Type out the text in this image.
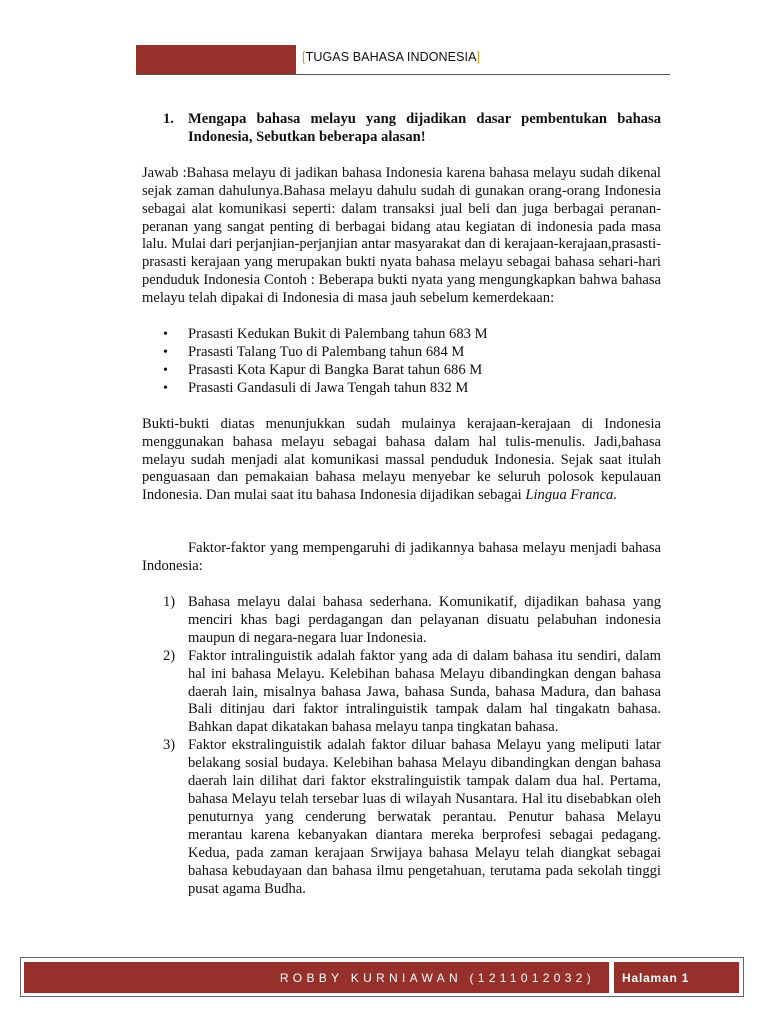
[TUGAS BAHASA INDONESIA]
1. Mengapa bahasa melayu yang dijadikan dasar pembentukan bahasa Indonesia, Sebutkan beberapa alasan!

Jawab :Bahasa melayu di jadikan bahasa Indonesia karena bahasa melayu sudah dikenal sejak zaman dahulunya.Bahasa melayu dahulu sudah di gunakan orang-orang Indonesia sebagai alat komunikasi seperti: dalam transaksi jual beli dan juga berbagai peranan-peranan yang sangat penting di berbagai bidang atau kegiatan di indonesia pada masa lalu. Mulai dari perjanjian-perjanjian antar masyarakat dan di kerajaan-kerajaan,prasasti-prasasti kerajaan yang merupakan bukti nyata bahasa melayu sebagai bahasa sehari-hari penduduk Indonesia Contoh : Beberapa bukti nyata yang mengungkapkan bahwa bahasa melayu telah dipakai di Indonesia di masa jauh sebelum kemerdekaan:

• Prasasti Kedukan Bukit di Palembang tahun 683 M
• Prasasti Talang Tuo di Palembang tahun 684 M
• Prasasti Kota Kapur di Bangka Barat tahun 686 M
• Prasasti Gandasuli di Jawa Tengah tahun 832 M

Bukti-bukti diatas menunjukkan sudah mulainya kerajaan-kerajaan di Indonesia menggunakan bahasa melayu sebagai bahasa dalam hal tulis-menulis. Jadi,bahasa melayu sudah menjadi alat komunikasi massal penduduk Indonesia. Sejak saat itulah penguasaan dan pemakaian bahasa melayu menyebar ke seluruh polosok kepulauan Indonesia. Dan mulai saat itu bahasa Indonesia dijadikan sebagai Lingua Franca.

Faktor-faktor yang mempengaruhi di jadikannya bahasa melayu menjadi bahasa Indonesia:

1) Bahasa melayu dalai bahasa sederhana. Komunikatif, dijadikan bahasa yang menciri khas bagi perdagangan dan pelayanan disuatu pelabuhan indonesia maupun di negara-negara luar Indonesia.
2) Faktor intralinguistik adalah faktor yang ada di dalam bahasa itu sendiri, dalam hal ini bahasa Melayu. Kelebihan bahasa Melayu dibandingkan dengan bahasa daerah lain, misalnya bahasa Jawa, bahasa Sunda, bahasa Madura, dan bahasa Bali ditinjau dari faktor intralinguistik tampak dalam hal tingakatn bahasa. Bahkan dapat dikatakan bahasa melayu tanpa tingkatan bahasa.
3) Faktor ekstralinguistik adalah faktor diluar bahasa Melayu yang meliputi latar belakang sosial budaya. Kelebihan bahasa Melayu dibandingkan dengan bahasa daerah lain dilihat dari faktor ekstralinguistik tampak dalam dua hal. Pertama, bahasa Melayu telah tersebar luas di wilayah Nusantara. Hal itu disebabkan oleh penuturnya yang cenderung berwatak perantau. Penutur bahasa Melayu merantau karena kebanyakan diantara mereka berprofesi sebagai pedagang. Kedua, pada zaman kerajaan Srwijaya bahasa Melayu telah diangkat sebagai bahasa kebudayaan dan bahasa ilmu pengetahuan, terutama pada sekolah tinggi pusat agama Budha.
ROBBY KURNIAWAN (1211012032)	Halaman 1
